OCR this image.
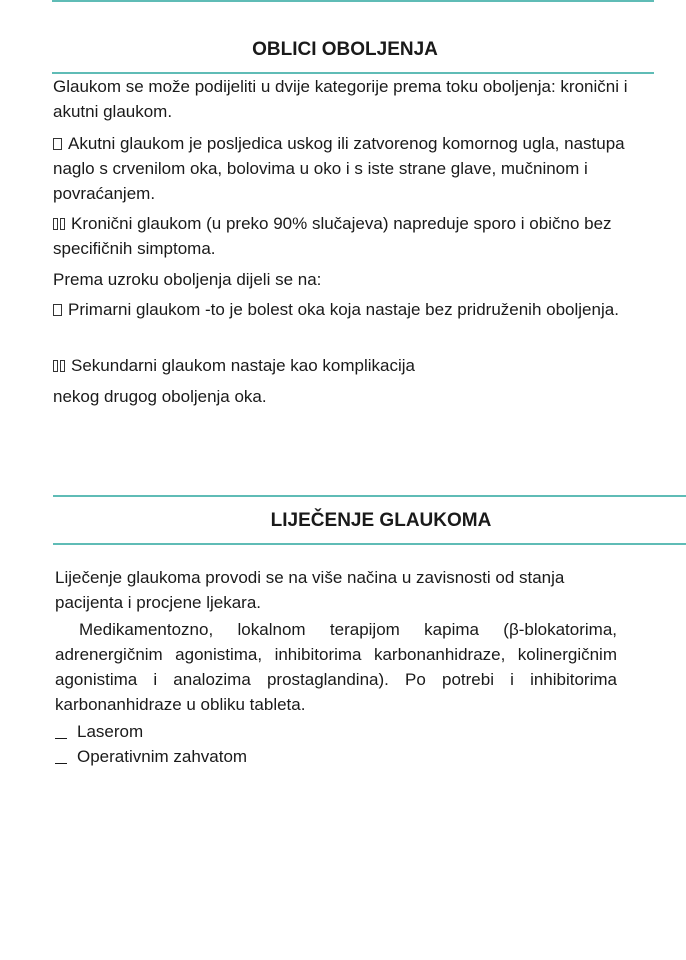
OBLICI OBOLJENJA

Glaukom se može podijeliti u dvije kategorije prema toku oboljenja: kronični i akutni glaukom.

Akutni glaukom je posljedica uskog ili zatvorenog komornog ugla, nastupa naglo s crvenilom oka, bolovima u oko i s iste strane glave, mučninom i povraćanjem.

Kronični glaukom (u preko 90% slučajeva) napreduje sporo i obično bez specifičnih simptoma.

Prema uzroku oboljenja dijeli se na:

Primarni glaukom -to je bolest oka koja nastaje bez pridruženih oboljenja.

Sekundarni glaukom nastaje kao komplikacija

nekog drugog oboljenja oka.

LIJEČENJE GLAUKOMA

Liječenje glaukoma provodi se na više načina u zavisnosti od stanja pacijenta i procjene ljekara.

Medikamentozno, lokalnom terapijom kapima (β-blokatorima, adrenergičnim agonistima, inhibitorima karbonanhidraze, kolinergičnim agonistima i analozima prostaglandina). Po potrebi i inhibitorima karbonanhidraze u obliku tableta.

Laserom

Operativnim zahvatom
